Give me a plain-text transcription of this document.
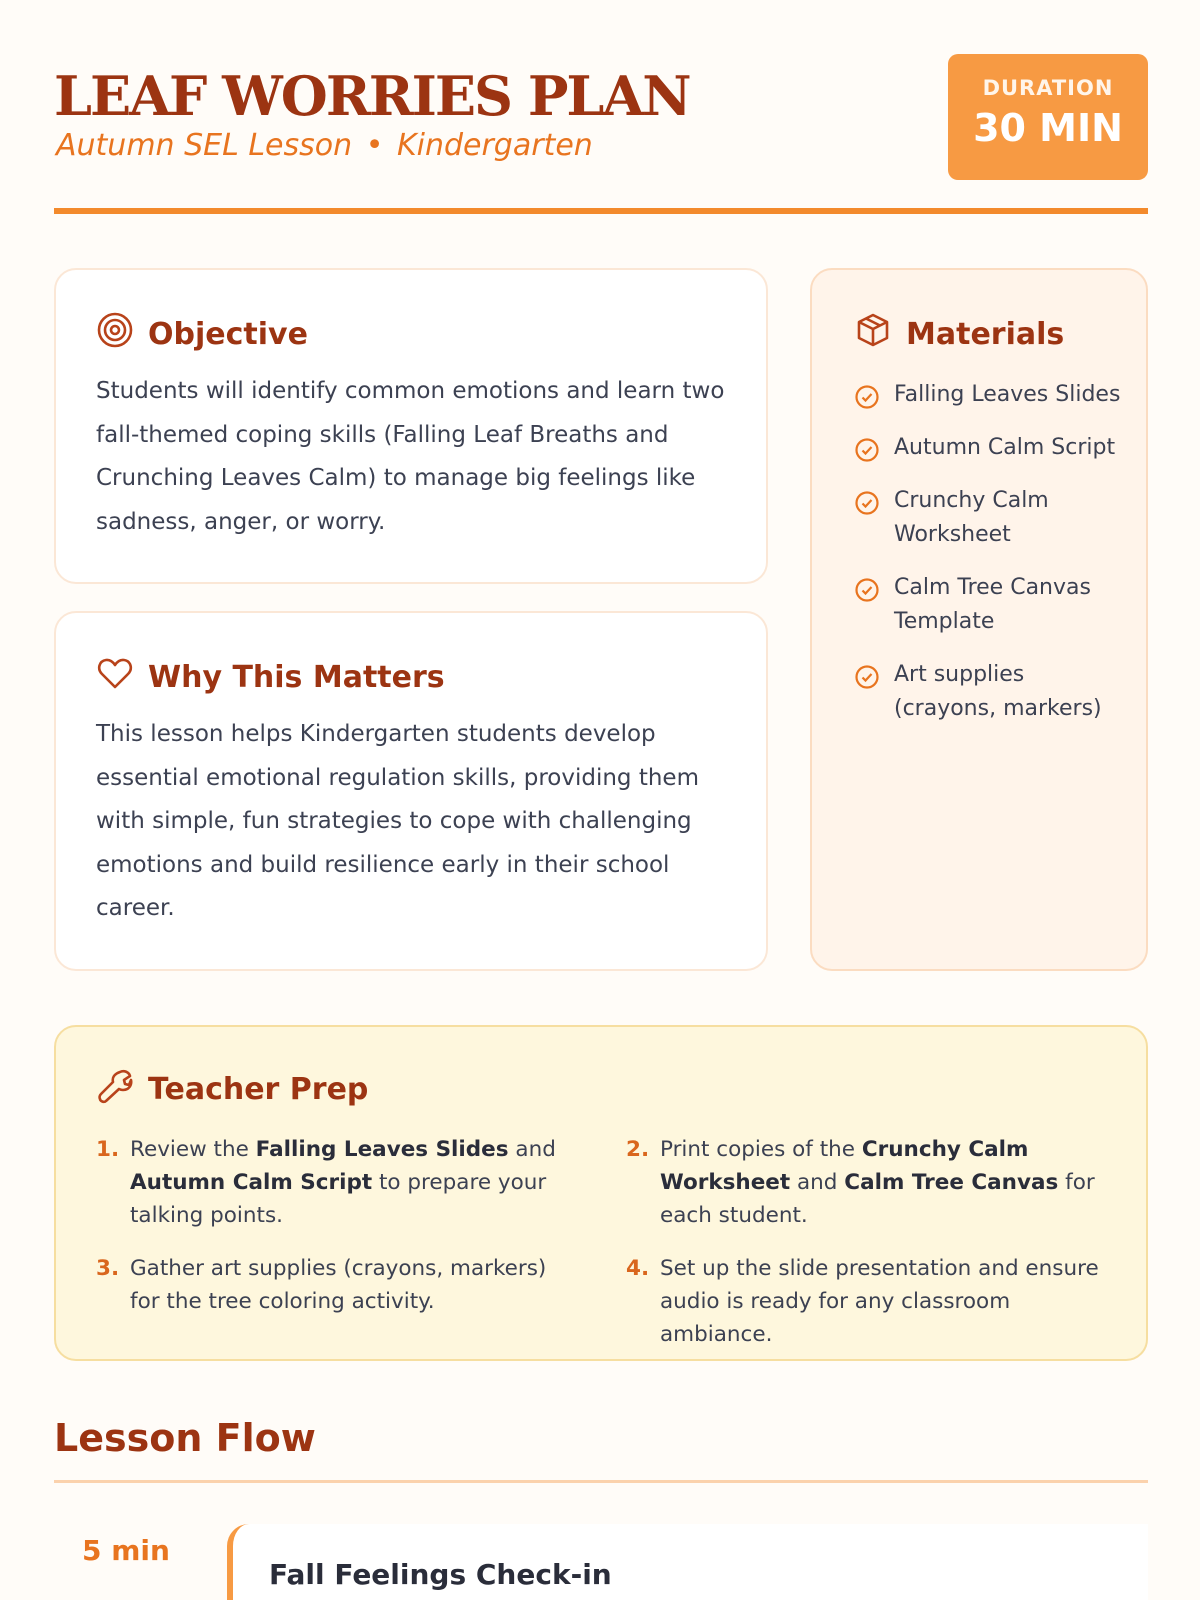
LEAF WORRIES PLAN
Autumn SEL Lesson • Kindergarten
DURATION
30 MIN
Objective

Students will identify common emotions and learn two fall-themed coping skills (Falling Leaf Breaths and Crunching Leaves Calm) to manage big feelings like sadness, anger, or worry.

Why This Matters

This lesson helps Kindergarten students develop essential emotional regulation skills, providing them with simple, fun strategies to cope with challenging emotions and build resilience early in their school career.

Materials
Falling Leaves Slides
Autumn Calm Script
Crunchy Calm Worksheet
Calm Tree Canvas Template
Art supplies (crayons, markers)
Teacher Prep
1. Review the Falling Leaves Slides and Autumn Calm Script to prepare your talking points.
2. Print copies of the Crunchy Calm Worksheet and Calm Tree Canvas for each student.
3. Gather art supplies (crayons, markers) for the tree coloring activity.
4. Set up the slide presentation and ensure audio is ready for any classroom ambiance.
Lesson Flow
5 min
Fall Feelings Check-in
